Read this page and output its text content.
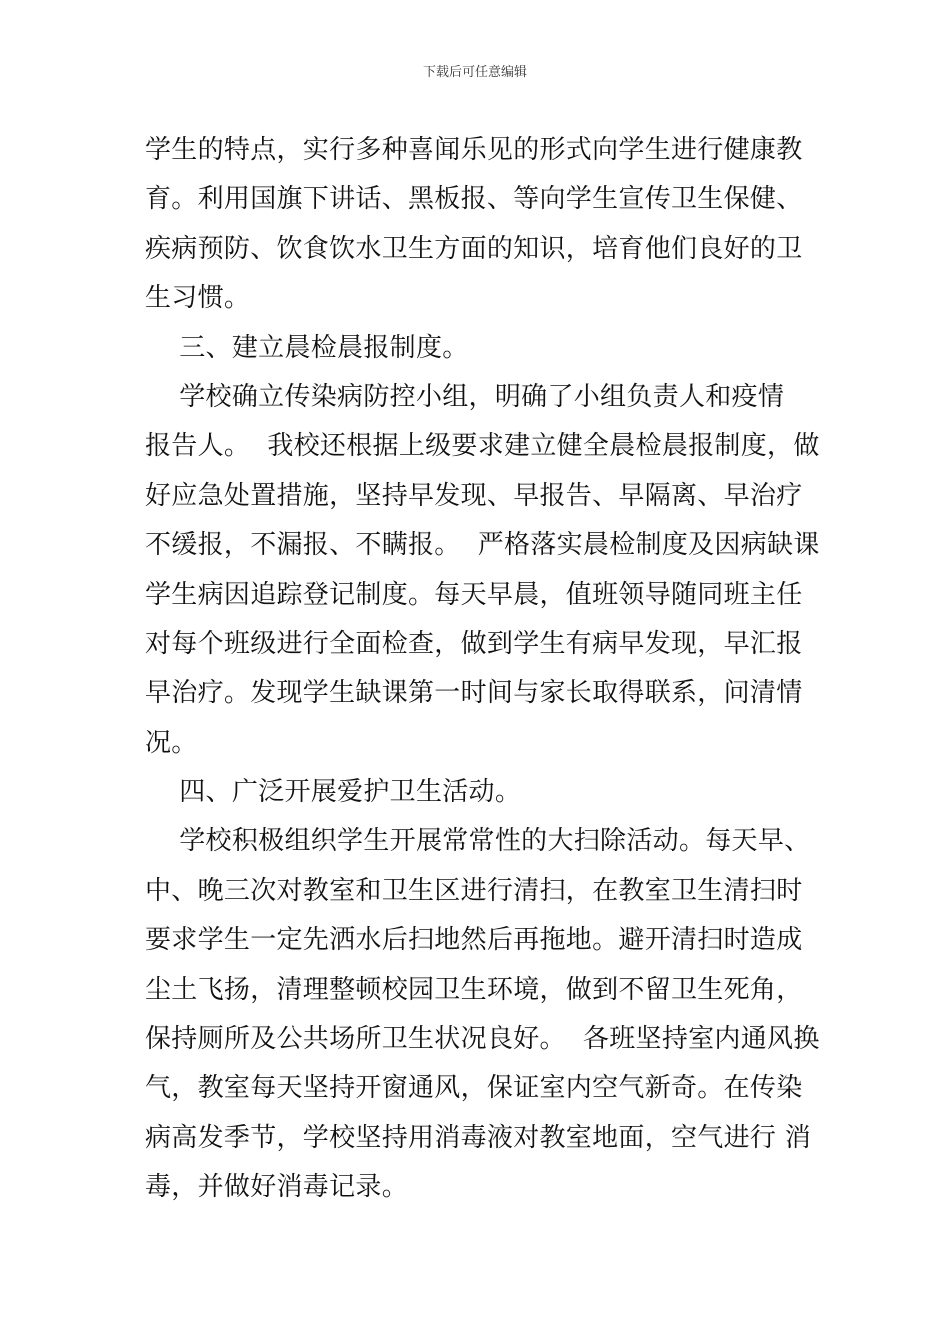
下载后可任意编辑
学生的特点，实行多种喜闻乐见的形式向学生进行健康教
育。利用国旗下讲话、黑板报、等向学生宣传卫生保健、
疾病预防、饮食饮水卫生方面的知识，培育他们良好的卫
生习惯。
三、建立晨检晨报制度。
学校确立传染病防控小组，明确了小组负责人和疫情
报告人。  我校还根据上级要求建立健全晨检晨报制度，做
好应急处置措施，坚持早发现、早报告、早隔离、早治疗
不缓报，不漏报、不瞒报。  严格落实晨检制度及因病缺课
学生病因追踪登记制度。每天早晨，值班领导随同班主任
对每个班级进行全面检查，做到学生有病早发现，早汇报
早治疗。发现学生缺课第一时间与家长取得联系，问清情
况。
四、广泛开展爱护卫生活动。
学校积极组织学生开展常常性的大扫除活动。每天早、
中、晚三次对教室和卫生区进行清扫，在教室卫生清扫时
要求学生一定先洒水后扫地然后再拖地。避开清扫时造成
尘土飞扬，清理整顿校园卫生环境，做到不留卫生死角，
保持厕所及公共场所卫生状况良好。  各班坚持室内通风换
气，教室每天坚持开窗通风，保证室内空气新奇。在传染
病高发季节，学校坚持用消毒液对教室地面，空气进行 消
毒，并做好消毒记录。
